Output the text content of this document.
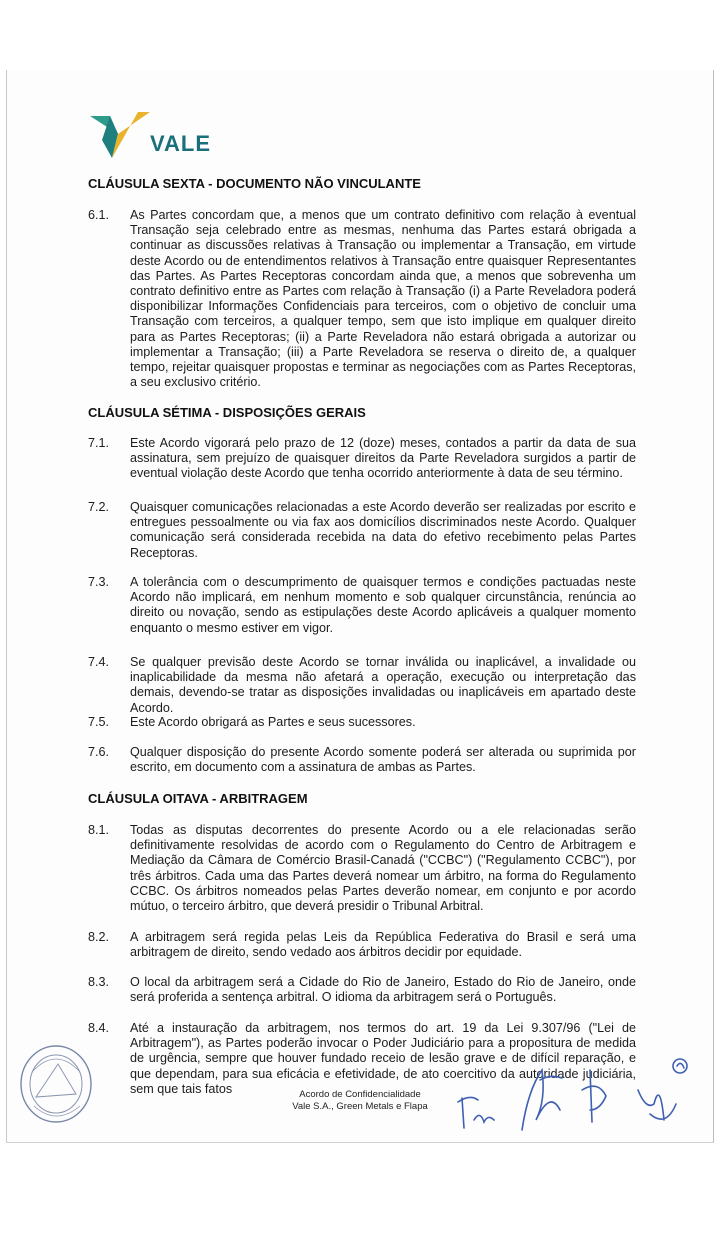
VALE
CLÁUSULA SEXTA - DOCUMENTO NÃO VINCULANTE
6.1.	As Partes concordam que, a menos que um contrato definitivo com relação à eventual Transação seja celebrado entre as mesmas, nenhuma das Partes estará obrigada a continuar as discussões relativas à Transação ou implementar a Transação, em virtude deste Acordo ou de entendimentos relativos à Transação entre quaisquer Representantes das Partes. As Partes Receptoras concordam ainda que, a menos que sobrevenha um contrato definitivo entre as Partes com relação à Transação (i) a Parte Reveladora poderá disponibilizar Informações Confidenciais para terceiros, com o objetivo de concluir uma Transação com terceiros, a qualquer tempo, sem que isto implique em qualquer direito para as Partes Receptoras; (ii) a Parte Reveladora não estará obrigada a autorizar ou implementar a Transação; (iii) a Parte Reveladora se reserva o direito de, a qualquer tempo, rejeitar quaisquer propostas e terminar as negociações com as Partes Receptoras, a seu exclusivo critério.
CLÁUSULA SÉTIMA - DISPOSIÇÕES GERAIS
7.1.	Este Acordo vigorará pelo prazo de 12 (doze) meses, contados a partir da data de sua assinatura, sem prejuízo de quaisquer direitos da Parte Reveladora surgidos a partir de eventual violação deste Acordo que tenha ocorrido anteriormente à data de seu término.
7.2.	Quaisquer comunicações relacionadas a este Acordo deverão ser realizadas por escrito e entregues pessoalmente ou via fax aos domicílios discriminados neste Acordo. Qualquer comunicação será considerada recebida na data do efetivo recebimento pelas Partes Receptoras.
7.3.	A tolerância com o descumprimento de quaisquer termos e condições pactuadas neste Acordo não implicará, em nenhum momento e sob qualquer circunstância, renúncia ao direito ou novação, sendo as estipulações deste Acordo aplicáveis a qualquer momento enquanto o mesmo estiver em vigor.
7.4.	Se qualquer previsão deste Acordo se tornar inválida ou inaplicável, a invalidade ou inaplicabilidade da mesma não afetará a operação, execução ou interpretação das demais, devendo-se tratar as disposições invalidadas ou inaplicáveis em apartado deste Acordo.
7.5.	Este Acordo obrigará as Partes e seus sucessores.
7.6.	Qualquer disposição do presente Acordo somente poderá ser alterada ou suprimida por escrito, em documento com a assinatura de ambas as Partes.
CLÁUSULA OITAVA - ARBITRAGEM
8.1.	Todas as disputas decorrentes do presente Acordo ou a ele relacionadas serão definitivamente resolvidas de acordo com o Regulamento do Centro de Arbitragem e Mediação da Câmara de Comércio Brasil-Canadá ("CCBC") ("Regulamento CCBC"), por três árbitros. Cada uma das Partes deverá nomear um árbitro, na forma do Regulamento CCBC. Os árbitros nomeados pelas Partes deverão nomear, em conjunto e por acordo mútuo, o terceiro árbitro, que deverá presidir o Tribunal Arbitral.
8.2.	A arbitragem será regida pelas Leis da República Federativa do Brasil e será uma arbitragem de direito, sendo vedado aos árbitros decidir por equidade.
8.3.	O local da arbitragem será a Cidade do Rio de Janeiro, Estado do Rio de Janeiro, onde será proferida a sentença arbitral. O idioma da arbitragem será o Português.
8.4.	Até a instauração da arbitragem, nos termos do art. 19 da Lei 9.307/96 ("Lei de Arbitragem"), as Partes poderão invocar o Poder Judiciário para a propositura de medida de urgência, sempre que houver fundado receio de lesão grave e de difícil reparação, e que dependam, para sua eficácia e efetividade, de ato coercitivo da autoridade judiciária, sem que tais fatos	Acordo de Confidencialidade
Vale S.A., Green Metals e Flapa
